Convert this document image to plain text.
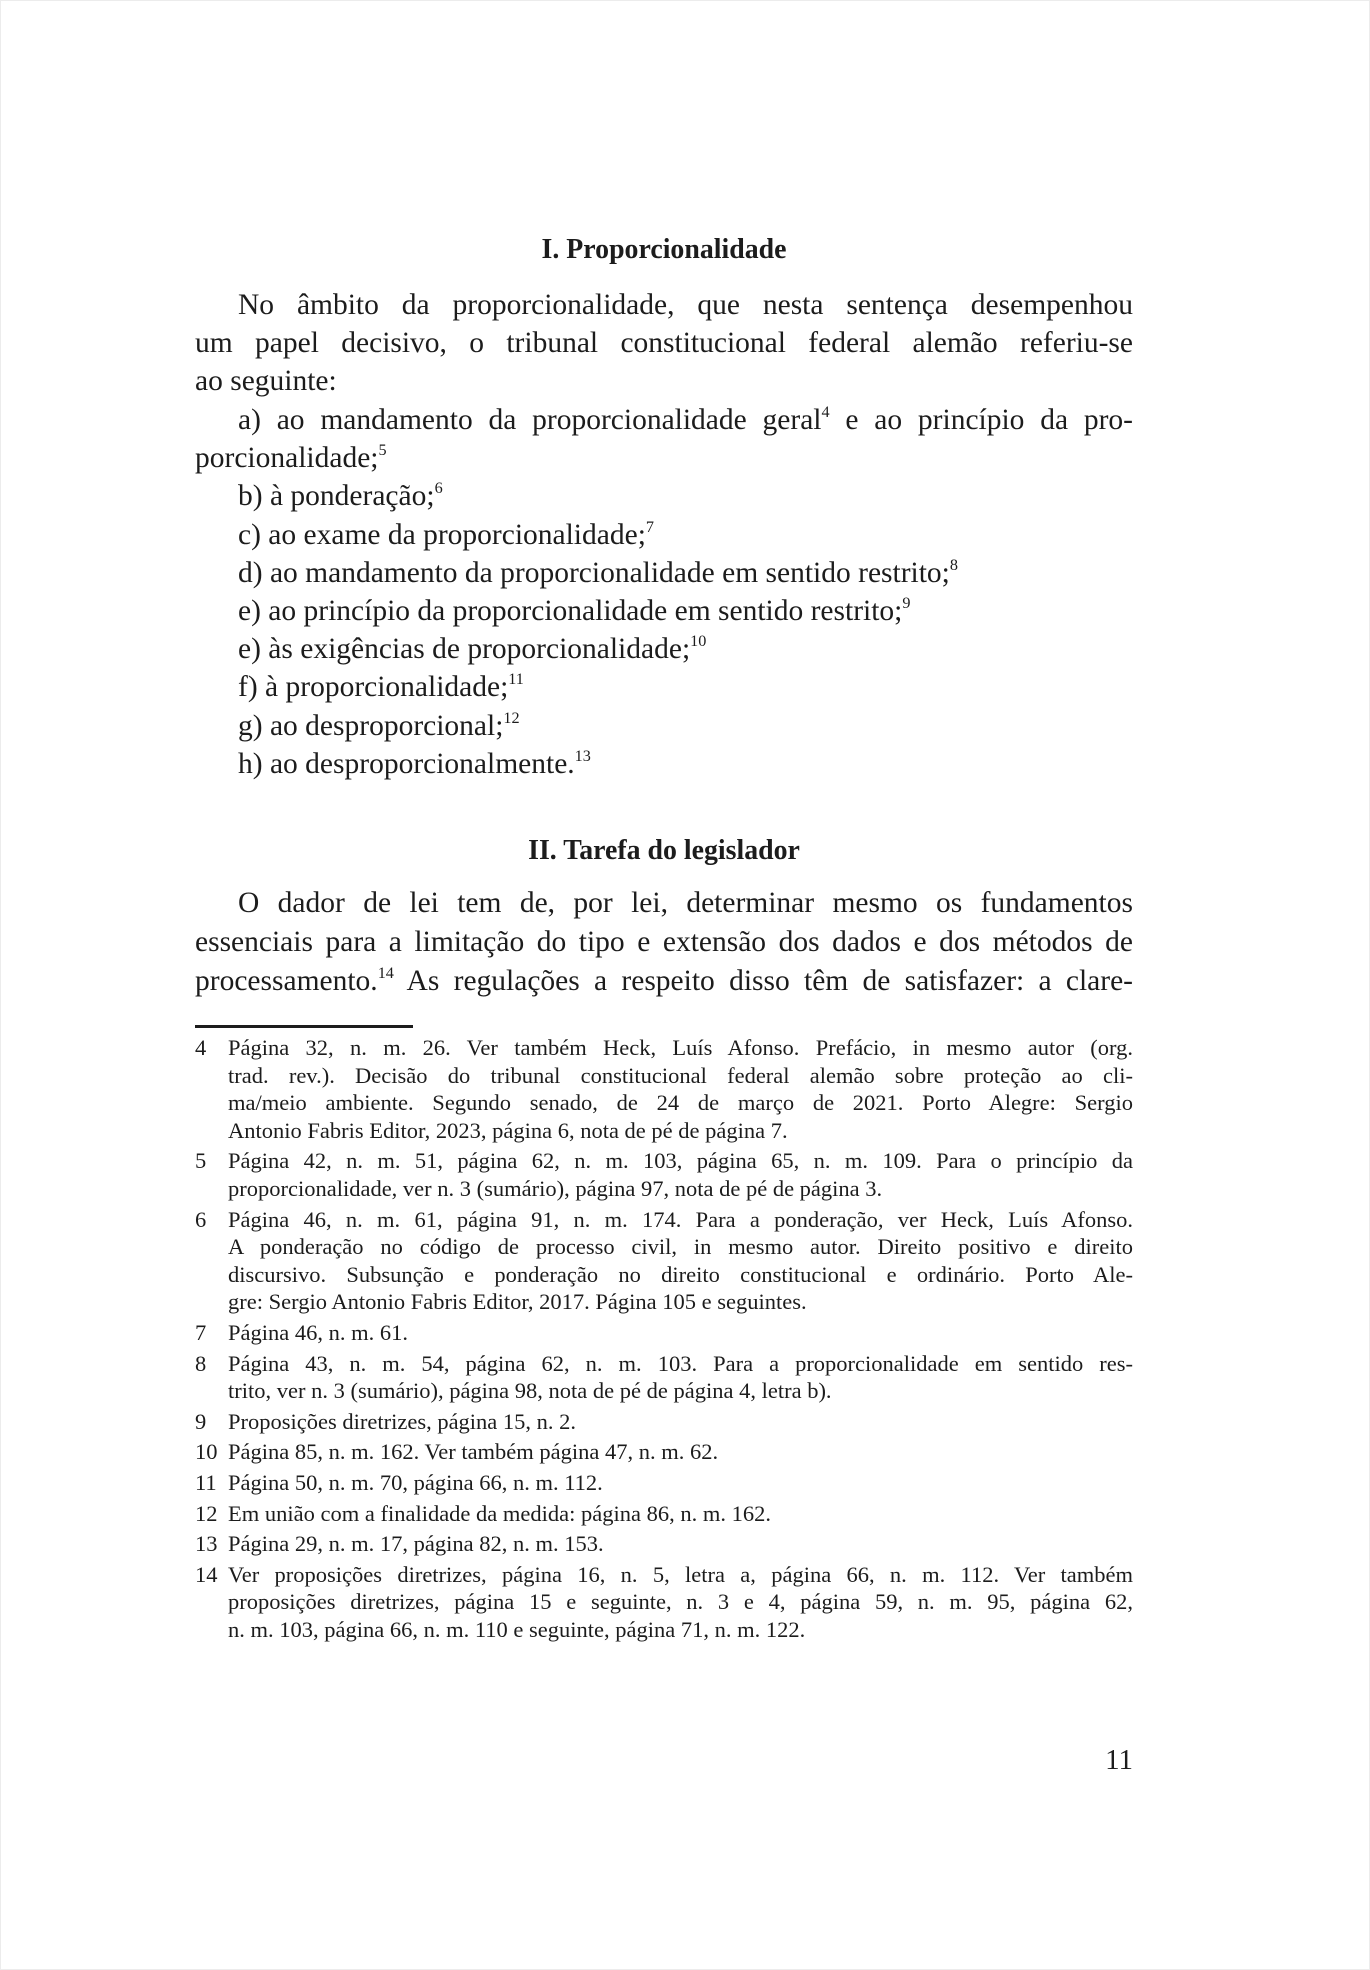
I. Proporcionalidade
No âmbito da proporcionalidade, que nesta sentença desempenhou
um papel decisivo, o tribunal constitucional federal alemão referiu-se
ao seguinte:
a) ao mandamento da proporcionalidade geral$^4$ e ao princípio da pro-
porcionalidade;$^5$
b) à ponderação;$^6$
c) ao exame da proporcionalidade;$^7$
d) ao mandamento da proporcionalidade em sentido restrito;$^8$
e) ao princípio da proporcionalidade em sentido restrito;$^9$
e) às exigências de proporcionalidade;$^{10}$
f) à proporcionalidade;$^{11}$
g) ao desproporcional;$^{12}$
h) ao desproporcionalmente.$^{13}$
II. Tarefa do legislador
O dador de lei tem de, por lei, determinar mesmo os fundamentos
essenciais para a limitação do tipo e extensão dos dados e dos métodos de
processamento.$^{14}$ As regulações a respeito disso têm de satisfazer: a clare-
4 Página 32, n. m. 26. Ver também Heck, Luís Afonso. Prefácio, in mesmo autor (org.
trad. rev.). Decisão do tribunal constitucional federal alemão sobre proteção ao cli-
ma/meio ambiente. Segundo senado, de 24 de março de 2021. Porto Alegre: Sergio
Antonio Fabris Editor, 2023, página 6, nota de pé de página 7.
5 Página 42, n. m. 51, página 62, n. m. 103, página 65, n. m. 109. Para o princípio da
proporcionalidade, ver n. 3 (sumário), página 97, nota de pé de página 3.
6 Página 46, n. m. 61, página 91, n. m. 174. Para a ponderação, ver Heck, Luís Afonso.
A ponderação no código de processo civil, in mesmo autor. Direito positivo e direito
discursivo. Subsunção e ponderação no direito constitucional e ordinário. Porto Ale-
gre: Sergio Antonio Fabris Editor, 2017. Página 105 e seguintes.
7 Página 46, n. m. 61.
8 Página 43, n. m. 54, página 62, n. m. 103. Para a proporcionalidade em sentido res-
trito, ver n. 3 (sumário), página 98, nota de pé de página 4, letra b).
9 Proposições diretrizes, página 15, n. 2.
10 Página 85, n. m. 162. Ver também página 47, n. m. 62.
11 Página 50, n. m. 70, página 66, n. m. 112.
12 Em união com a finalidade da medida: página 86, n. m. 162.
13 Página 29, n. m. 17, página 82, n. m. 153.
14 Ver proposições diretrizes, página 16, n. 5, letra a, página 66, n. m. 112. Ver também
proposições diretrizes, página 15 e seguinte, n. 3 e 4, página 59, n. m. 95, página 62,
n. m. 103, página 66, n. m. 110 e seguinte, página 71, n. m. 122.
11
